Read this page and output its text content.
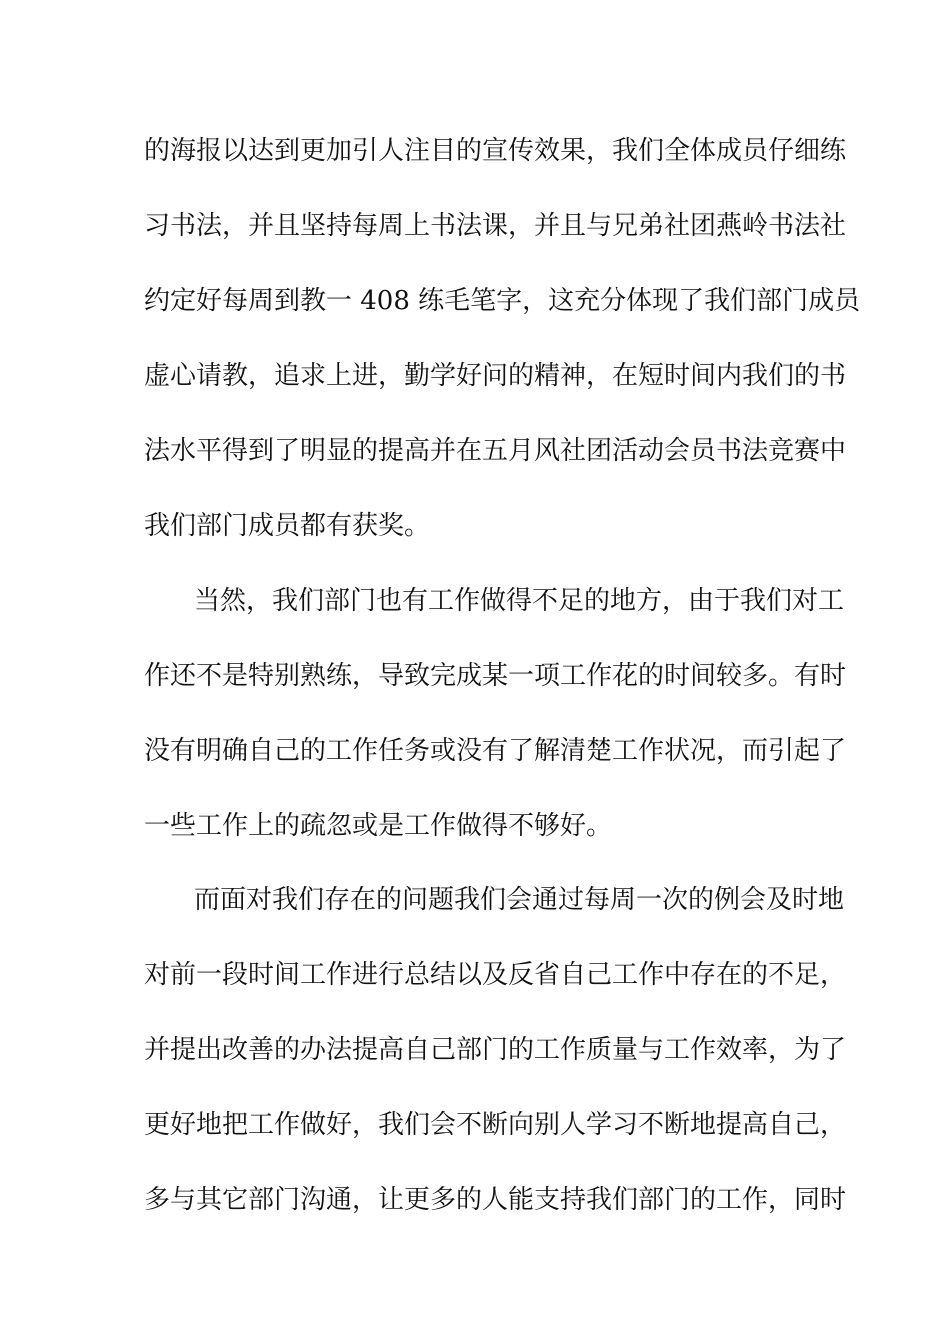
的海报以达到更加引人注目的宣传效果，我们全体成员仔细练
习书法，并且坚持每周上书法课，并且与兄弟社团燕岭书法社
约定好每周到教一 408 练毛笔字，这充分体现了我们部门成员
虚心请教，追求上进，勤学好问的精神，在短时间内我们的书
法水平得到了明显的提高并在五月风社团活动会员书法竞赛中
我们部门成员都有获奖。
当然，我们部门也有工作做得不足的地方，由于我们对工
作还不是特别熟练，导致完成某一项工作花的时间较多。有时
没有明确自己的工作任务或没有了解清楚工作状况，而引起了
一些工作上的疏忽或是工作做得不够好。
而面对我们存在的问题我们会通过每周一次的例会及时地
对前一段时间工作进行总结以及反省自己工作中存在的不足，
并提出改善的办法提高自己部门的工作质量与工作效率，为了
更好地把工作做好，我们会不断向别人学习不断地提高自己，
多与其它部门沟通，让更多的人能支持我们部门的工作，同时
